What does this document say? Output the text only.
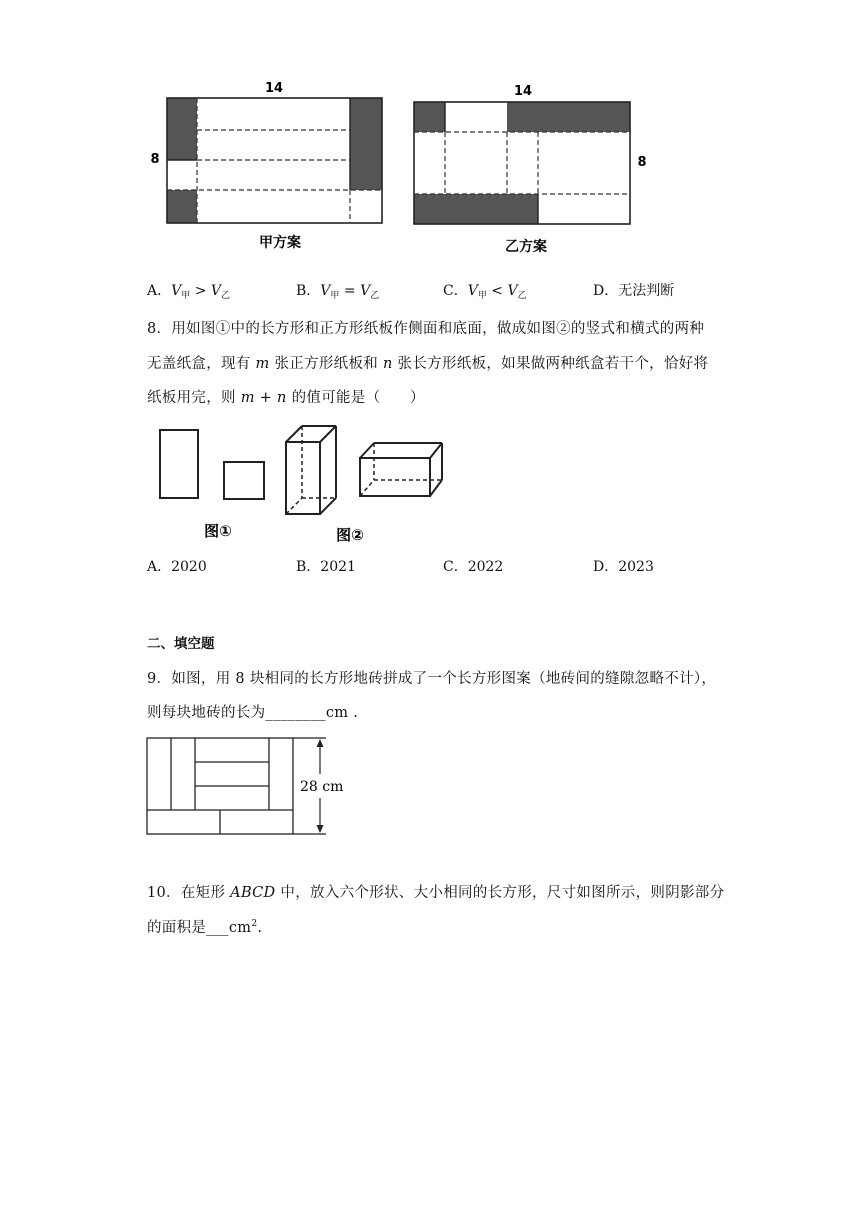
14
8
甲方案
14
8
乙方案
A．$V_甲 > V_乙$	B．$V_甲 = V_乙$	C．$V_甲 < V_乙$	D．无法判断
8．用如图①中的长方形和正方形纸板作侧面和底面，做成如图②的竖式和横式的两种
无盖纸盒，现有 m 张正方形纸板和 n 张长方形纸板，如果做两种纸盒若干个，恰好将
纸板用完，则 m + n 的值可能是（　　）
图①	图②
A．2020	B．2021	C．2022	D．2023
二、填空题
9．如图，用 8 块相同的长方形地砖拼成了一个长方形图案（地砖间的缝隙忽略不计），
则每块地砖的长为________cm .
28 cm
10．在矩形 ABCD 中，放入六个形状、大小相同的长方形，尺寸如图所示，则阴影部分
的面积是$\_\_\_cm^2$.
